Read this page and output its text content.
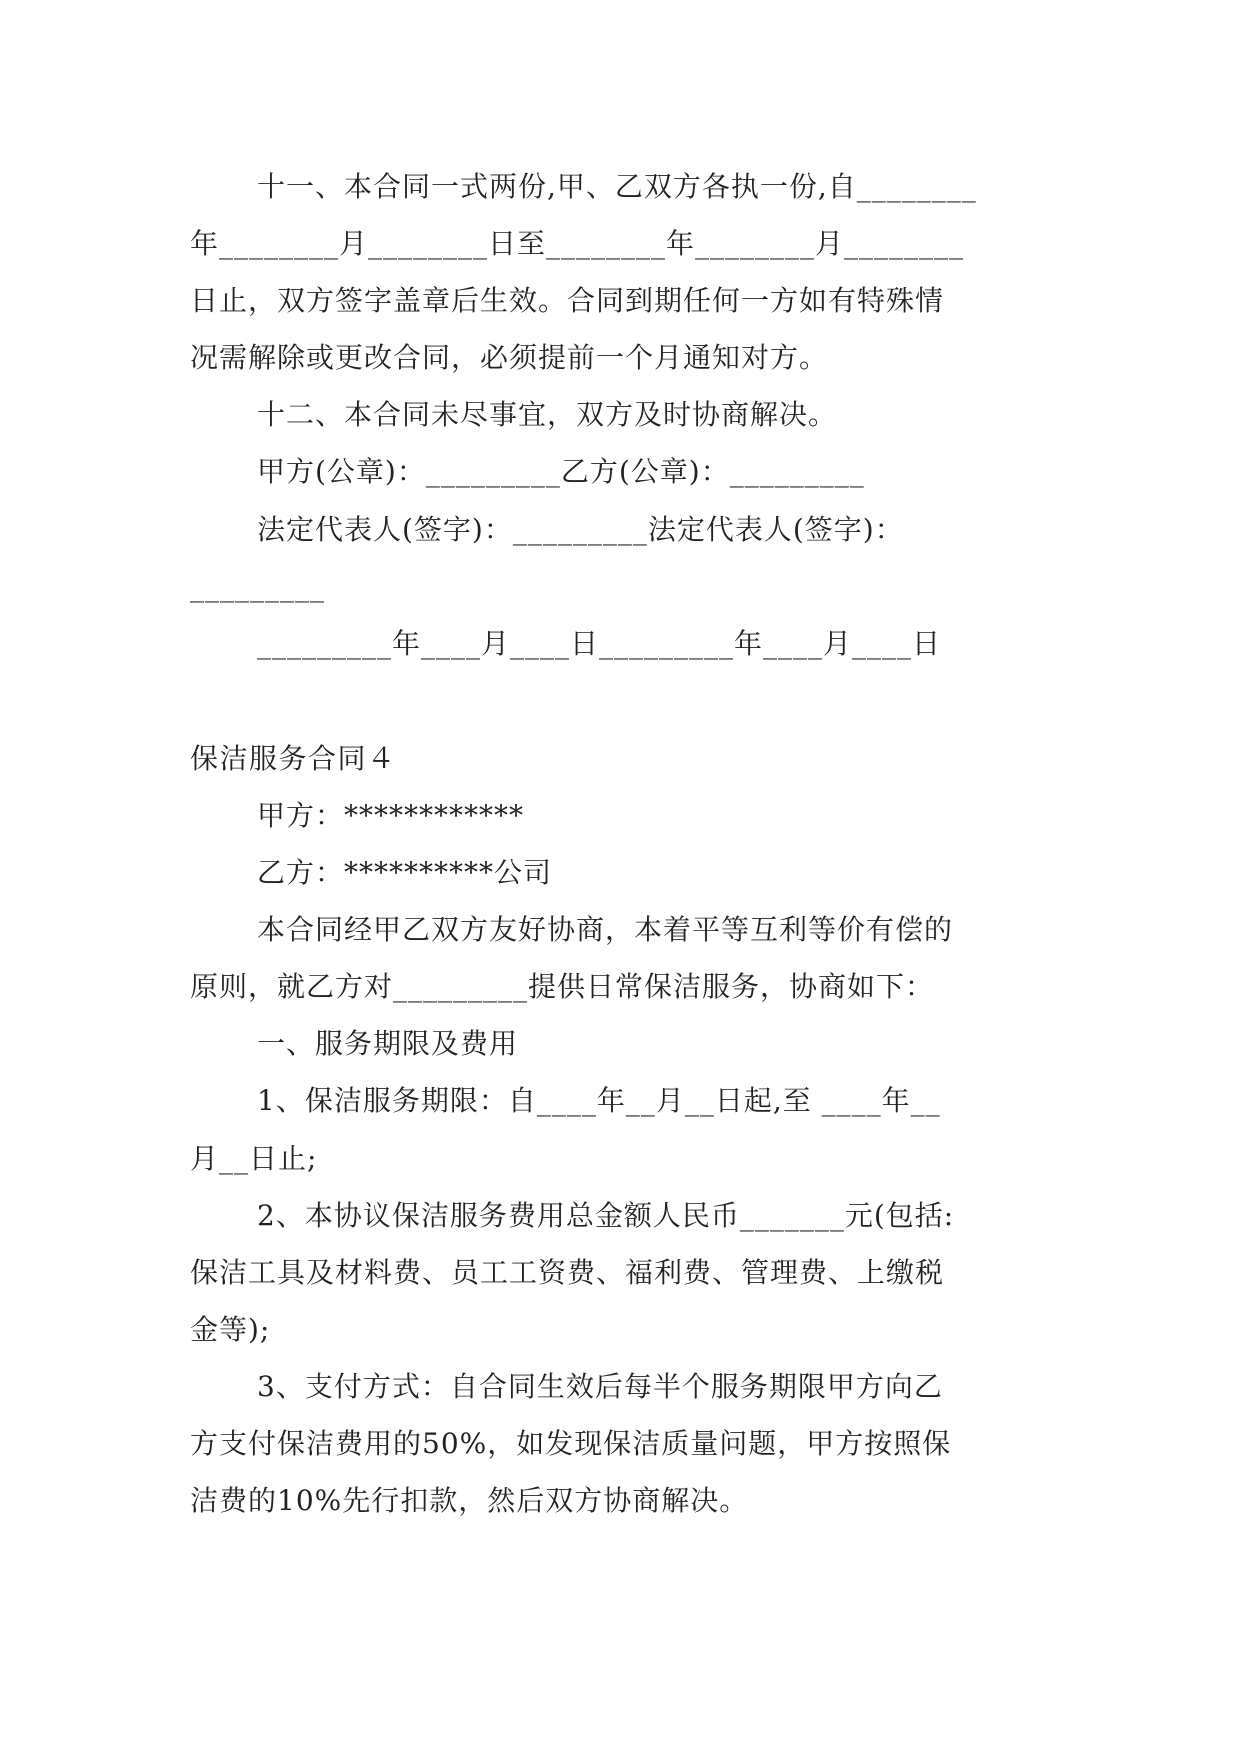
十一、本合同一式两份,甲、乙双方各执一份,自________
年________月________日至________年________月________
日止，双方签字盖章后生效。合同到期任何一方如有特殊情
况需解除或更改合同，必须提前一个月通知对方。
十二、本合同未尽事宜，双方及时协商解决。
甲方(公章)：_________乙方(公章)：_________
法定代表人(签字)：_________法定代表人(签字)：
_________
_________年____月____日_________年____月____日
保洁服务合同４
甲方：************
乙方：**********公司
本合同经甲乙双方友好协商，本着平等互利等价有偿的
原则，就乙方对_________提供日常保洁服务，协商如下：
一、服务期限及费用
1、保洁服务期限：自____年__月__日起,至 ____年__
月__日止;
2、本协议保洁服务费用总金额人民币_______元(包括:
保洁工具及材料费、员工工资费、福利费、管理费、上缴税
金等);
3、支付方式：自合同生效后每半个服务期限甲方向乙
方支付保洁费用的50%，如发现保洁质量问题，甲方按照保
洁费的10%先行扣款，然后双方协商解决。
